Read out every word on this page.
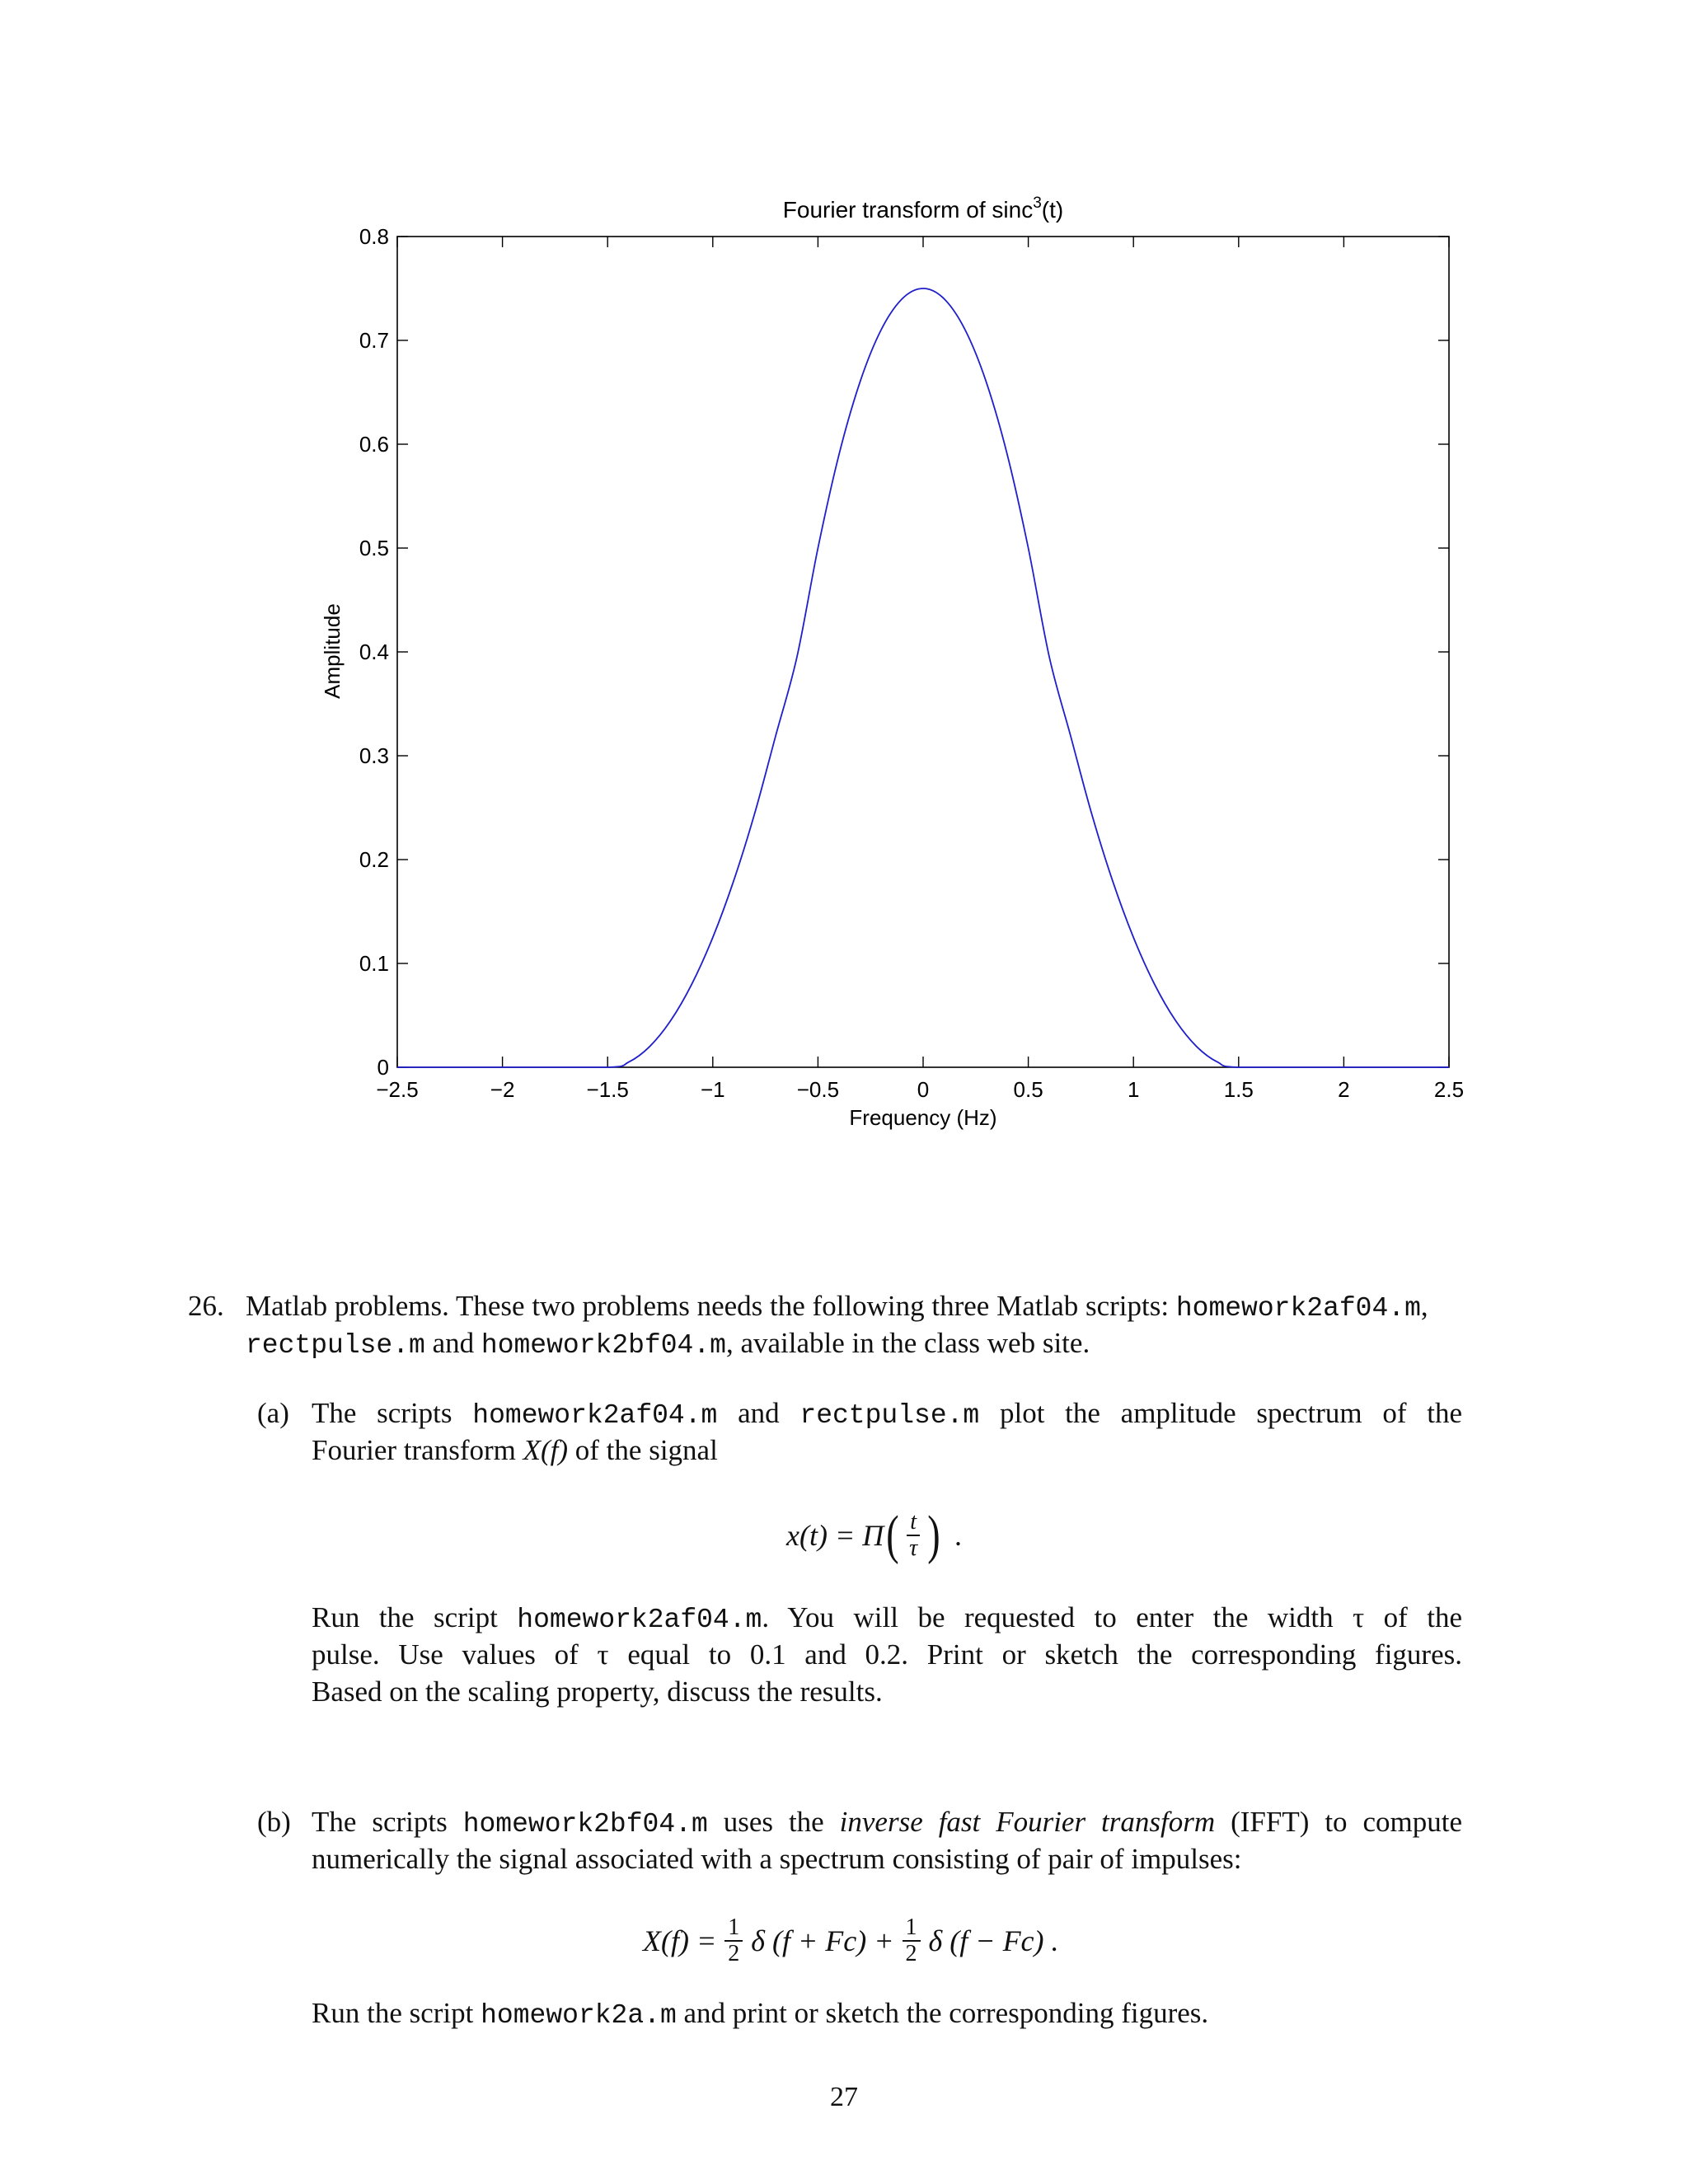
−2.5	−2	−1.5	−1	−0.5	0	0.5	1	1.5	2	2.5
0
0.1
0.2
0.3
0.4
0.5
0.6
0.7
0.8
Fourier transform of sinc$^3$(t)
Frequency (Hz)
Amplitude
26. Matlab problems. These two problems needs the following three Matlab scripts: homework2af04.m,
rectpulse.m and homework2bf04.m, available in the class web site.
(a) The scripts homework2af04.m and rectpulse.m plot the amplitude spectrum of the
Fourier transform X(f) of the signal
x(t) = Π ( $\frac{t}{\tau}$ ) .
Run the script homework2af04.m. You will be requested to enter the width τ of the
pulse. Use values of τ equal to 0.1 and 0.2. Print or sketch the corresponding figures.
Based on the scaling property, discuss the results.
(b) The scripts homework2bf04.m uses the inverse fast Fourier transform (IFFT) to compute
numerically the signal associated with a spectrum consisting of pair of impulses:
$X(f) = \frac{1}{2}$ δ $(f + Fc) + \frac{1}{2}$ δ (f − Fc) .
Run the script homework2a.m and print or sketch the corresponding figures.
27
